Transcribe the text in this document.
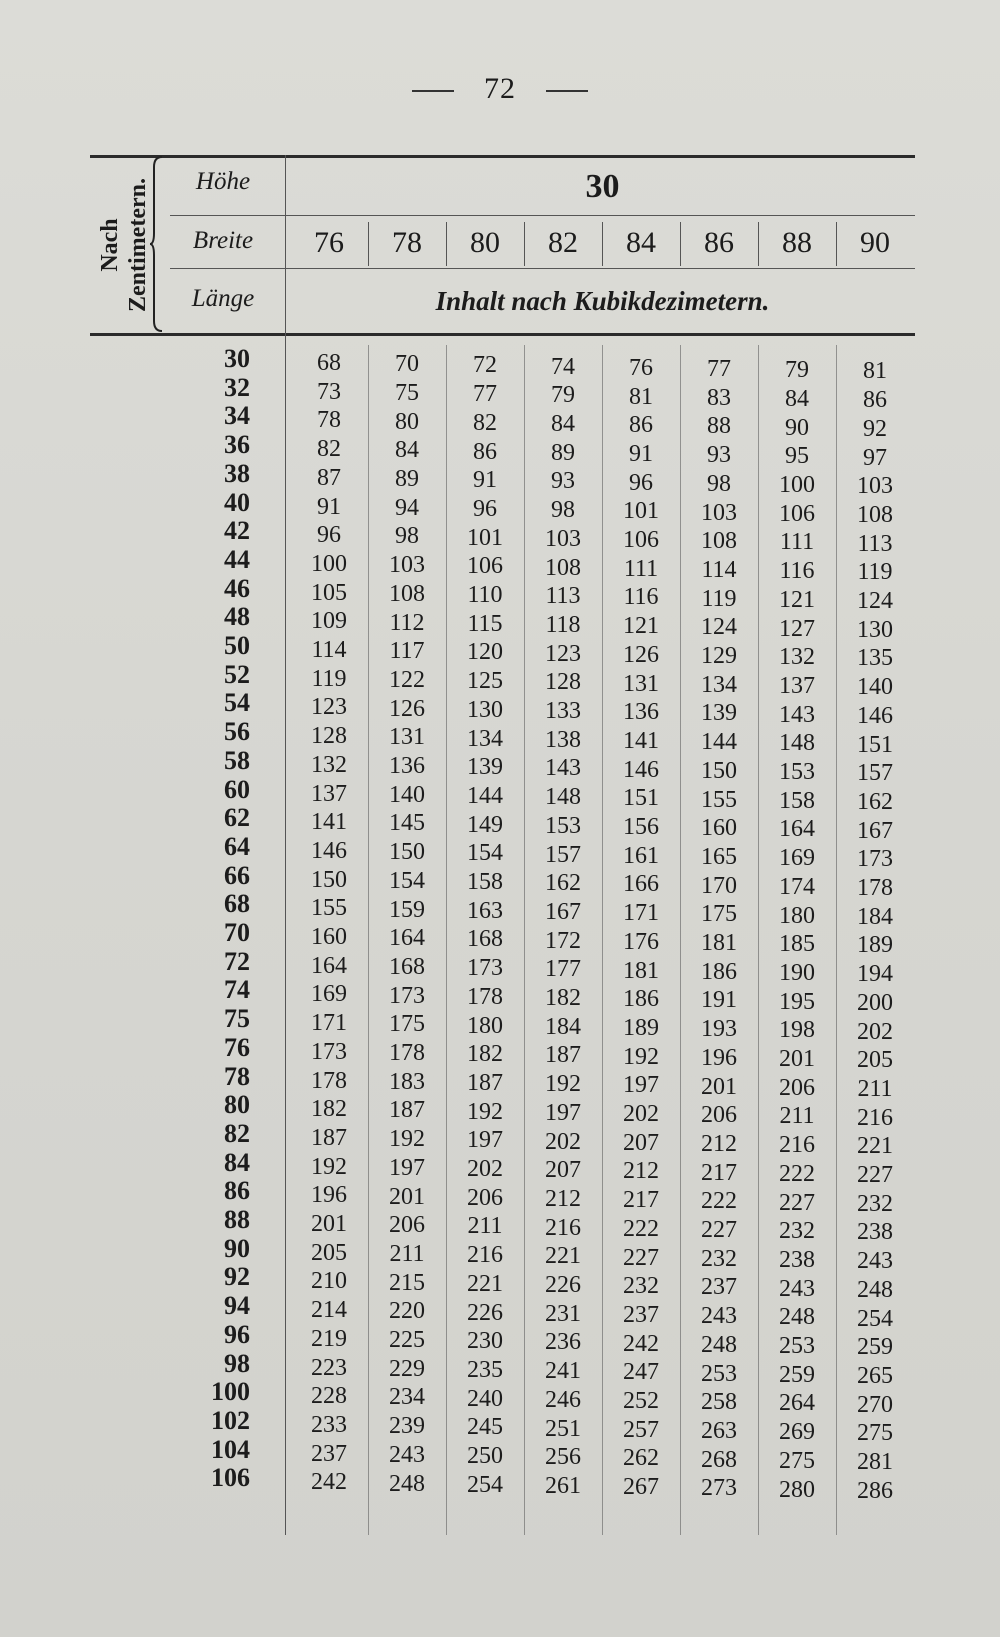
72
Nach
Zentimetern.	Höhe
Breite
Länge
30
76	78	80	82	84	86	88	90
Inhalt nach Kubikdezimetern.
30	68	70	72	74	76	77	79	81
32	73	75	77	79	81	83	84	86
34	78	80	82	84	86	88	90	92
36	82	84	86	89	91	93	95	97
38	87	89	91	93	96	98	100	103
40	91	94	96	98	101	103	106	108
42	96	98	101	103	106	108	111	113
44	100	103	106	108	111	114	116	119
46	105	108	110	113	116	119	121	124
48	109	112	115	118	121	124	127	130
50	114	117	120	123	126	129	132	135
52	119	122	125	128	131	134	137	140
54	123	126	130	133	136	139	143	146
56	128	131	134	138	141	144	148	151
58	132	136	139	143	146	150	153	157
60	137	140	144	148	151	155	158	162
62	141	145	149	153	156	160	164	167
64	146	150	154	157	161	165	169	173
66	150	154	158	162	166	170	174	178
68	155	159	163	167	171	175	180	184
70	160	164	168	172	176	181	185	189
72	164	168	173	177	181	186	190	194
74	169	173	178	182	186	191	195	200
75	171	175	180	184	189	193	198	202
76	173	178	182	187	192	196	201	205
78	178	183	187	192	197	201	206	211
80	182	187	192	197	202	206	211	216
82	187	192	197	202	207	212	216	221
84	192	197	202	207	212	217	222	227
86	196	201	206	212	217	222	227	232
88	201	206	211	216	222	227	232	238
90	205	211	216	221	227	232	238	243
92	210	215	221	226	232	237	243	248
94	214	220	226	231	237	243	248	254
96	219	225	230	236	242	248	253	259
98	223	229	235	241	247	253	259	265
100	228	234	240	246	252	258	264	270
102	233	239	245	251	257	263	269	275
104	237	243	250	256	262	268	275	281
106	242	248	254	261	267	273	280	286
